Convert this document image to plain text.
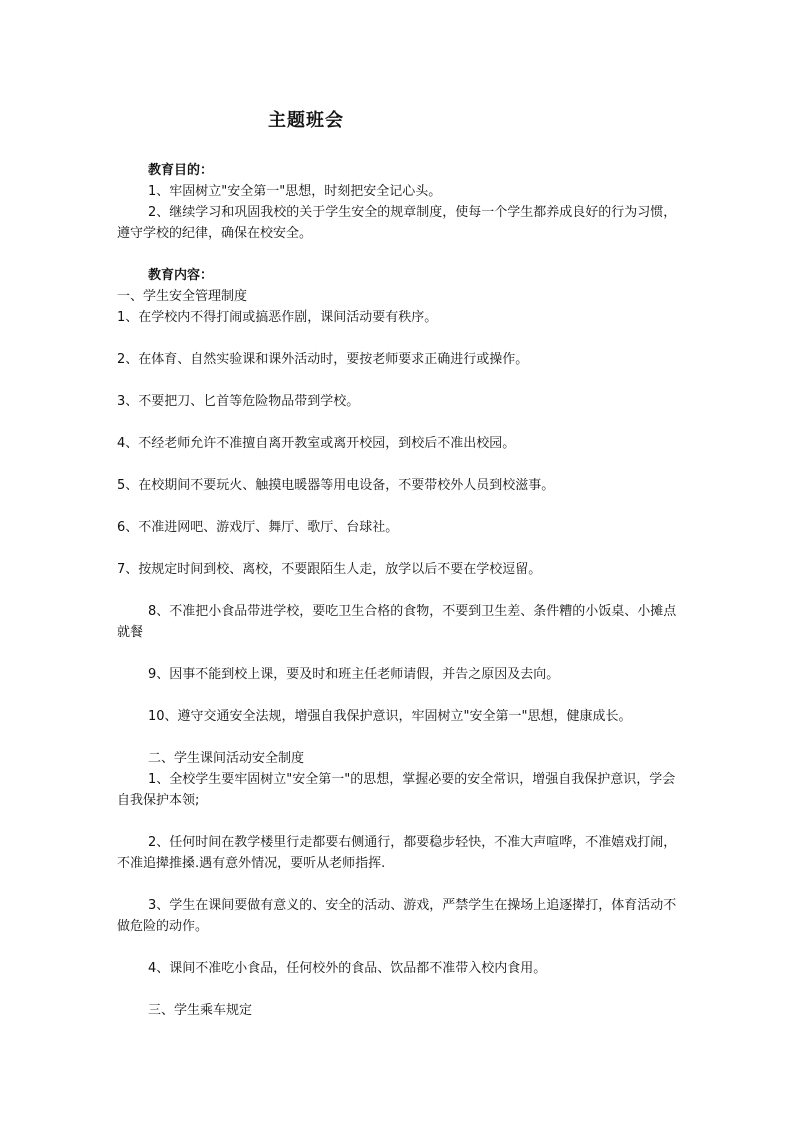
主题班会

教育目的：

1、牢固树立"安全第一"思想，时刻把安全记心头。

2、继续学习和巩固我校的关于学生安全的规章制度，使每一个学生都养成良好的行为习惯，遵守学校的纪律，确保在校安全。

教育内容：

一、学生安全管理制度

1、在学校内不得打闹或搞恶作剧，课间活动要有秩序。

2、在体育、自然实验课和课外活动时，要按老师要求正确进行或操作。

3、不要把刀、匕首等危险物品带到学校。

4、不经老师允许不准擅自离开教室或离开校园，到校后不准出校园。

5、在校期间不要玩火、触摸电暖器等用电设备，不要带校外人员到校滋事。

6、不准进网吧、游戏厅、舞厅、歌厅、台球社。

7、按规定时间到校、离校，不要跟陌生人走，放学以后不要在学校逗留。

8、不准把小食品带进学校，要吃卫生合格的食物，不要到卫生差、条件糟的小饭桌、小摊点就餐

9、因事不能到校上课，要及时和班主任老师请假，并告之原因及去向。

10、遵守交通安全法规，增强自我保护意识，牢固树立"安全第一"思想，健康成长。

二、学生课间活动安全制度

1、全校学生要牢固树立"安全第一"的思想，掌握必要的安全常识，增强自我保护意识，学会自我保护本领;

2、任何时间在教学楼里行走都要右侧通行，都要稳步轻快，不准大声喧哗，不准嬉戏打闹，不准追撵推搡.遇有意外情况，要听从老师指挥.

3、学生在课间要做有意义的、安全的活动、游戏，严禁学生在操场上追逐撵打，体育活动不做危险的动作。

4、课间不准吃小食品，任何校外的食品、饮品都不准带入校内食用。

三、学生乘车规定
